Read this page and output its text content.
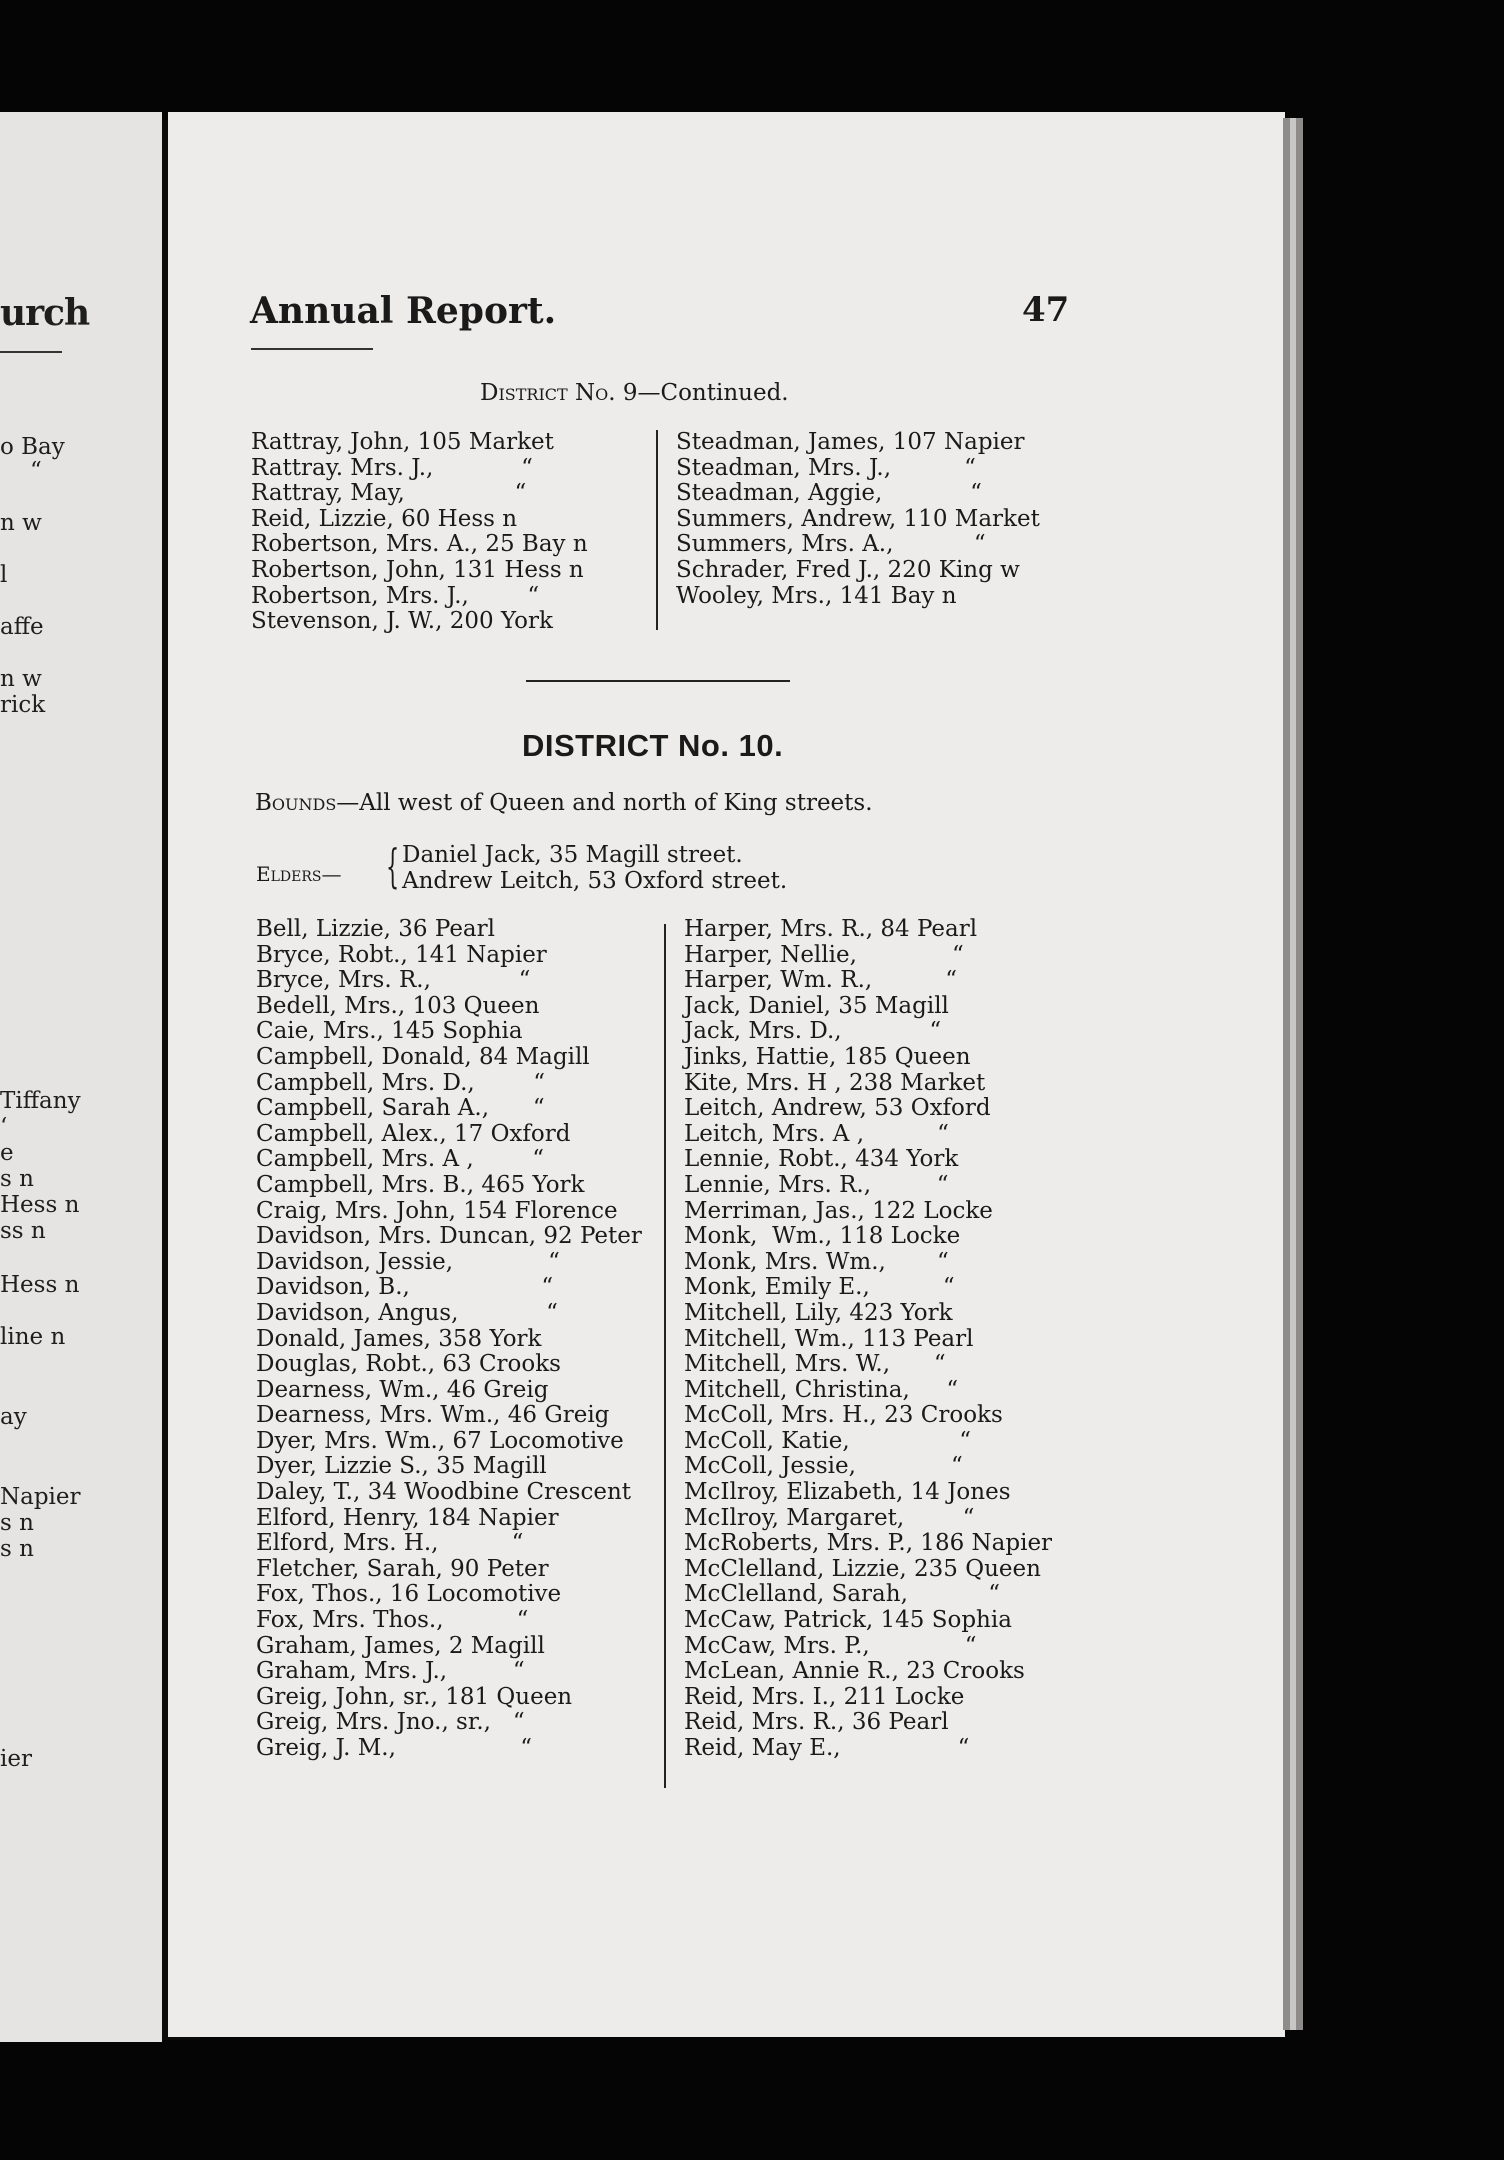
urch
o Bay
“
n w
l
affe
n w
rick
Tiffany
‘
e
s n
Hess n
ss n
Hess n
line n
ay
Napier
s n
s n
ier
Annual Report.	47
District No. 9—Continued.
Rattray, John, 105 Market
Rattray. Mrs. J.,            “
Rattray, May,               “
Reid, Lizzie, 60 Hess n
Robertson, Mrs. A., 25 Bay n
Robertson, John, 131 Hess n
Robertson, Mrs. J.,        “
Stevenson, J. W., 200 York
Steadman, James, 107 Napier
Steadman, Mrs. J.,          “
Steadman, Aggie,            “
Summers, Andrew, 110 Market
Summers, Mrs. A.,           “
Schrader, Fred J., 220 King w
Wooley, Mrs., 141 Bay n
DISTRICT No. 10.
Bounds—All west of Queen and north of King streets.
Elders— { Daniel Jack, 35 Magill street.
Andrew Leitch, 53 Oxford street.
Bell, Lizzie, 36 Pearl
Bryce, Robt., 141 Napier
Bryce, Mrs. R.,            “
Bedell, Mrs., 103 Queen
Caie, Mrs., 145 Sophia
Campbell, Donald, 84 Magill
Campbell, Mrs. D.,        “
Campbell, Sarah A.,      “
Campbell, Alex., 17 Oxford
Campbell, Mrs. A ,        “
Campbell, Mrs. B., 465 York
Craig, Mrs. John, 154 Florence
Davidson, Mrs. Duncan, 92 Peter
Davidson, Jessie,             “
Davidson, B.,                  “
Davidson, Angus,            “
Donald, James, 358 York
Douglas, Robt., 63 Crooks
Dearness, Wm., 46 Greig
Dearness, Mrs. Wm., 46 Greig
Dyer, Mrs. Wm., 67 Locomotive
Dyer, Lizzie S., 35 Magill
Daley, T., 34 Woodbine Crescent
Elford, Henry, 184 Napier
Elford, Mrs. H.,          “
Fletcher, Sarah, 90 Peter
Fox, Thos., 16 Locomotive
Fox, Mrs. Thos.,          “
Graham, James, 2 Magill
Graham, Mrs. J.,         “
Greig, John, sr., 181 Queen
Greig, Mrs. Jno., sr.,   “
Greig, J. M.,                 “
Harper, Mrs. R., 84 Pearl
Harper, Nellie,             “
Harper, Wm. R.,          “
Jack, Daniel, 35 Magill
Jack, Mrs. D.,            “
Jinks, Hattie, 185 Queen
Kite, Mrs. H , 238 Market
Leitch, Andrew, 53 Oxford
Leitch, Mrs. A ,          “
Lennie, Robt., 434 York
Lennie, Mrs. R.,         “
Merriman, Jas., 122 Locke
Monk,  Wm., 118 Locke
Monk, Mrs. Wm.,       “
Monk, Emily E.,          “
Mitchell, Lily, 423 York
Mitchell, Wm., 113 Pearl
Mitchell, Mrs. W.,      “
Mitchell, Christina,     “
McColl, Mrs. H., 23 Crooks
McColl, Katie,               “
McColl, Jessie,             “
McIlroy, Elizabeth, 14 Jones
McIlroy, Margaret,        “
McRoberts, Mrs. P., 186 Napier
McClelland, Lizzie, 235 Queen
McClelland, Sarah,           “
McCaw, Patrick, 145 Sophia
McCaw, Mrs. P.,             “
McLean, Annie R., 23 Crooks
Reid, Mrs. I., 211 Locke
Reid, Mrs. R., 36 Pearl
Reid, May E.,                “
